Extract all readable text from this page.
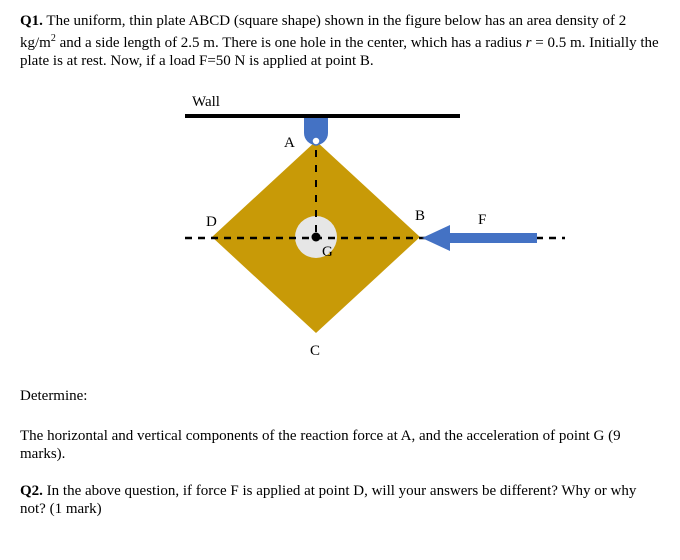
Q1. The uniform, thin plate ABCD (square shape) shown in the figure below has an area density of 2 $kg/m^2$ and a side length of 2.5 m. There is one hole in the center, which has a radius r = 0.5 m. Initially the plate is at rest. Now, if a load F=50 N is applied at point B.

Wall
A
B
C
D
G
F

Determine:

The horizontal and vertical components of the reaction force at A, and the acceleration of point G (9 marks).

Q2. In the above question, if force F is applied at point D, will your answers be different? Why or why not? (1 mark)
